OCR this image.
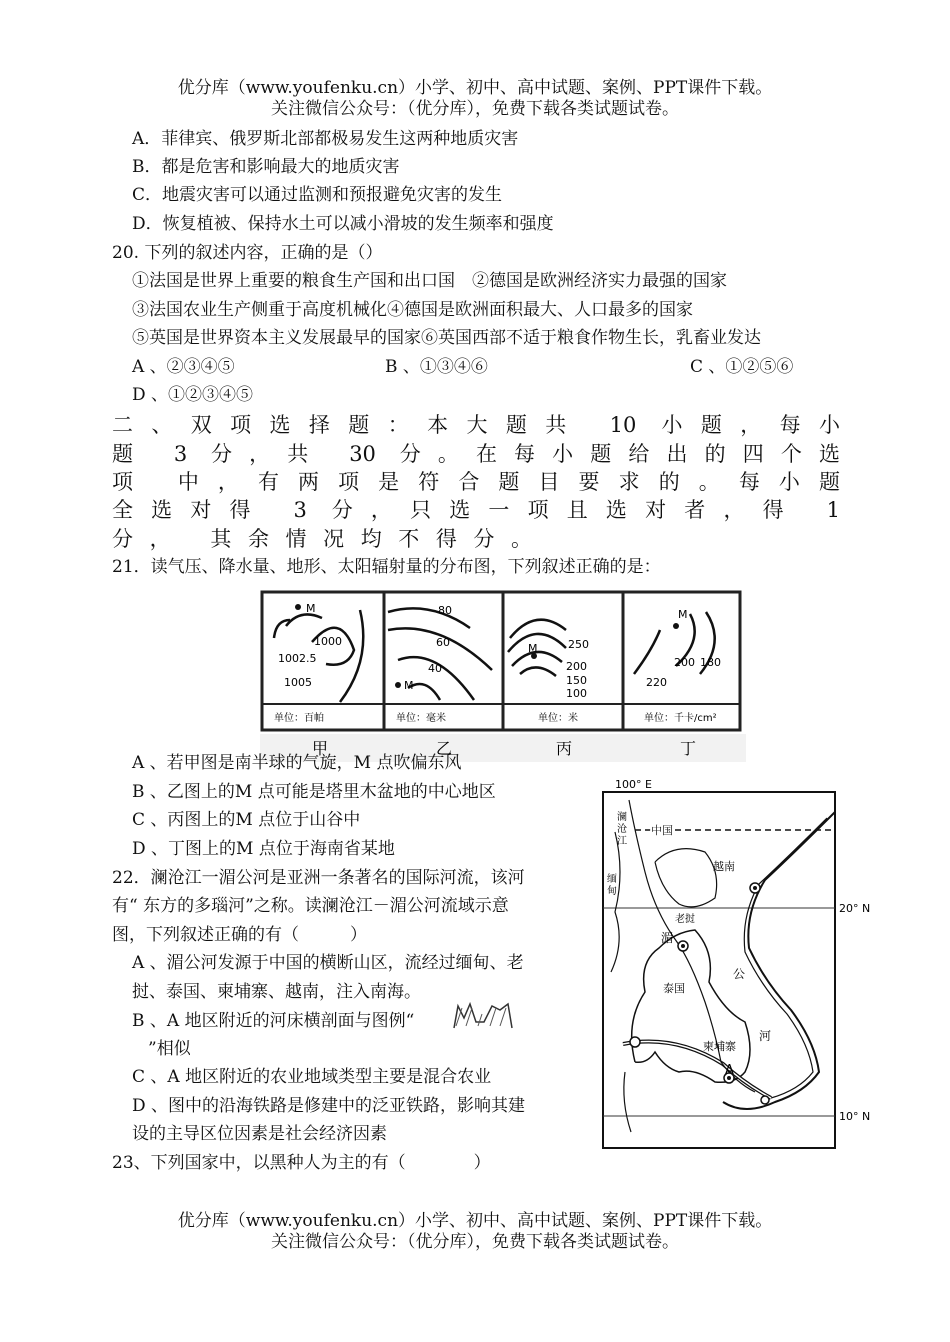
优分库（www.youfenku.cn）小学、初中、高中试题、案例、PPT课件下载。
关注微信公众号：（优分库），免费下载各类试题试卷。
A．菲律宾、俄罗斯北部都极易发生这两种地质灾害
B．都是危害和影响最大的地质灾害
C．地震灾害可以通过监测和预报避免灾害的发生
D．恢复植被、保持水土可以减小滑坡的发生频率和强度
20. 下列的叙述内容，正确的是（）
①法国是世界上重要的粮食生产国和出口国　②德国是欧洲经济实力最强的国家
③法国农业生产侧重于高度机械化④德国是欧洲面积最大、人口最多的国家
⑤英国是世界资本主义发展最早的国家⑥英国西部不适于粮食作物生长，乳畜业发达
A 、②③④⑤	B 、①③④⑥	C 、①②⑤⑥
D 、①②③④⑤
二、双项选择题：本大题共 10 小题，每小
题 3 分，共 30 分。在每小题给出的四个选
项 中，有两项是符合题目要求的。每小题
全选对得 3 分，只选一项且选对者，得 1
分， 其余情况均不得分。
21．读气压、降水量、地形、太阳辐射量的分布图，下列叙述正确的是：
M
1000
1002.5
1005
单位：百帕
80
60
40
M
单位：毫米
M	250
200
150
100
单位：米
M
200 180
220
单位：千卡/cm²
甲	乙	丙	丁
A 、若甲图是南半球的气旋，M 点吹偏东风
B 、乙图上的M 点可能是塔里木盆地的中心地区
C 、丙图上的M 点位于山谷中
D 、丁图上的M 点位于海南省某地
22．澜沧江一湄公河是亚洲一条著名的国际河流，该河
有“ 东方的多瑙河”之称。读澜沧江－湄公河流域示意
图，下列叙述正确的有（　　　）
A 、湄公河发源于中国的横断山区，流经过缅甸、老
挝、泰国、柬埔寨、越南，注入南海。
B 、A 地区附近的河床横剖面与图例“
”相似
C 、A 地区附近的农业地域类型主要是混合农业
D 、图中的沿海铁路是修建中的泛亚铁路，影响其建
设的主导区位因素是社会经济因素
100° E
20° N
10° N
澜
沧
江
中国
越南
缅
甸
老挝
湄
公
泰国
柬埔寨
河
A
23、下列国家中，以黑种人为主的有（　　　　）
优分库（www.youfenku.cn）小学、初中、高中试题、案例、PPT课件下载。
关注微信公众号：（优分库），免费下载各类试题试卷。
